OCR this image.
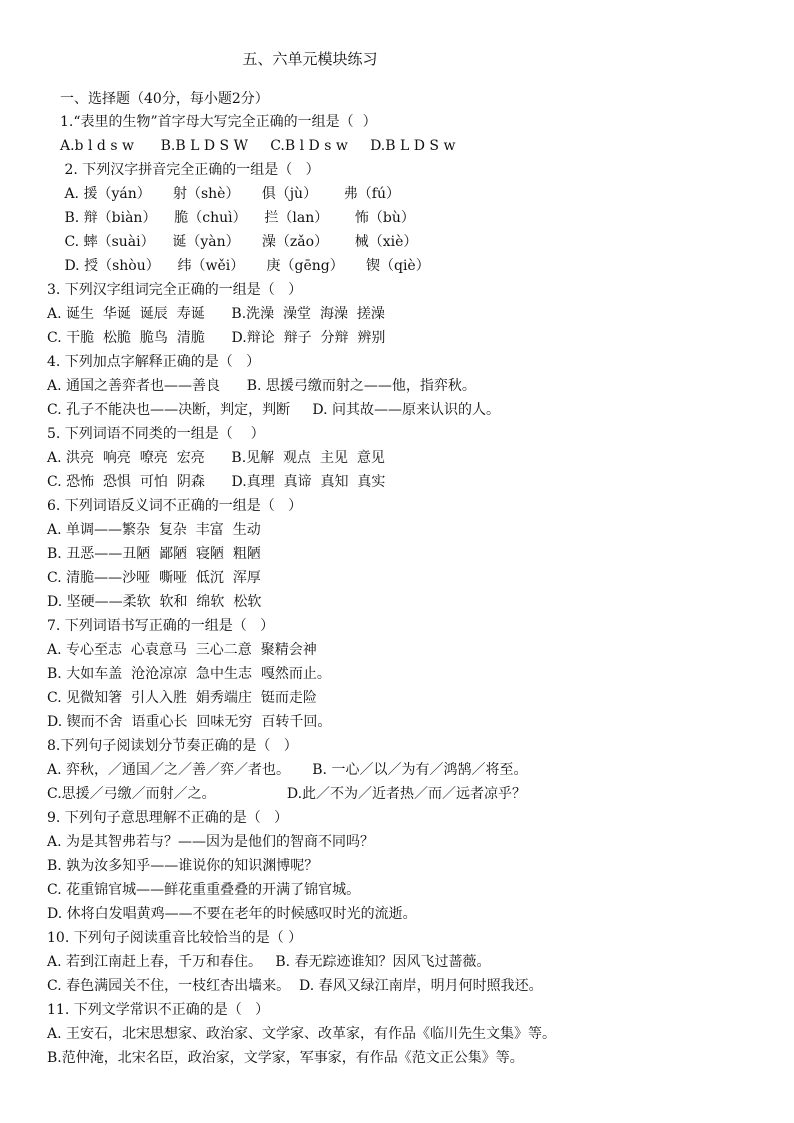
五、六单元模块练习
一、选择题（40分，每小题2分）
1.“表里的生物”首字母大写完全正确的一组是（  ）
A.b l d s w      B.B L D S W     C.B l D s w     D.B L D S w
2. 下列汉字拼音完全正确的一组是（   ）
A. 援（yán）     射（shè）     俱（jù）      弗（fú）
B. 辩（biàn）    脆（chuì）    拦（lan）      怖（bù）
C. 蟀（suài）    诞（yàn）     澡（zǎo）      械（xiè）
D. 授（shòu）    纬（wěi）     庚（gēng）     锲（qiè）
3. 下列汉字组词完全正确的一组是（   ）
A. 诞生  华诞  诞辰  寿诞      B.洗澡  澡堂  海澡  搓澡
C. 干脆  松脆  脆鸟  清脆      D.辩论  辩子  分辩  辨别
4. 下列加点字解释正确的是（   ）
A. 通国之善弈者也——善良      B. 思援弓缴而射之——他，指弈秋。
C. 孔子不能决也——决断，判定，判断     D. 问其故——原来认识的人。
5. 下列词语不同类的一组是（    ）
A. 洪亮  响亮  嘹亮  宏亮      B.见解  观点  主见  意见
C. 恐怖  恐惧  可怕  阴森      D.真理  真谛  真知  真实
6. 下列词语反义词不正确的一组是（   ）
A. 单调——繁杂  复杂  丰富  生动
B. 丑恶——丑陋  鄙陋  寝陋  粗陋
C. 清脆——沙哑  嘶哑  低沉  浑厚
D. 坚硬——柔软  软和  绵软  松软
7. 下列词语书写正确的一组是（   ）
A. 专心至志  心袁意马  三心二意  聚精会神
B. 大如车盖  沧沧凉凉  急中生志  嘎然而止。
C. 见微知箸  引人入胜  娟秀端庄  铤而走险
D. 锲而不舍  语重心长  回味无穷  百转千回。
8.下列句子阅读划分节奏正确的是（   ）
A. 弈秋，／通国／之／善／弈／者也。     B. 一心／以／为有／鸿鹄／将至。
C.思援／弓缴／而射／之。                D.此／不为／近者热／而／远者凉乎？
9. 下列句子意思理解不正确的是（   ）
A. 为是其智弗若与？——因为是他们的智商不同吗？
B. 孰为汝多知乎——谁说你的知识渊博呢？
C. 花重锦官城——鲜花重重叠叠的开满了锦官城。
D. 休将白发唱黄鸡——不要在老年的时候感叹时光的流逝。
10. 下列句子阅读重音比较恰当的是（ ）
A. 若到江南赶上春，千万和春住。   B. 春无踪迹谁知？因风飞过蔷薇。
C. 春色满园关不住，一枝红杏出墙来。  D. 春风又绿江南岸，明月何时照我还。
11. 下列文学常识不正确的是（   ）
A. 王安石，北宋思想家、政治家、文学家、改革家，有作品《临川先生文集》等。
B.范仲淹，北宋名臣，政治家，文学家，军事家，有作品《范文正公集》等。
